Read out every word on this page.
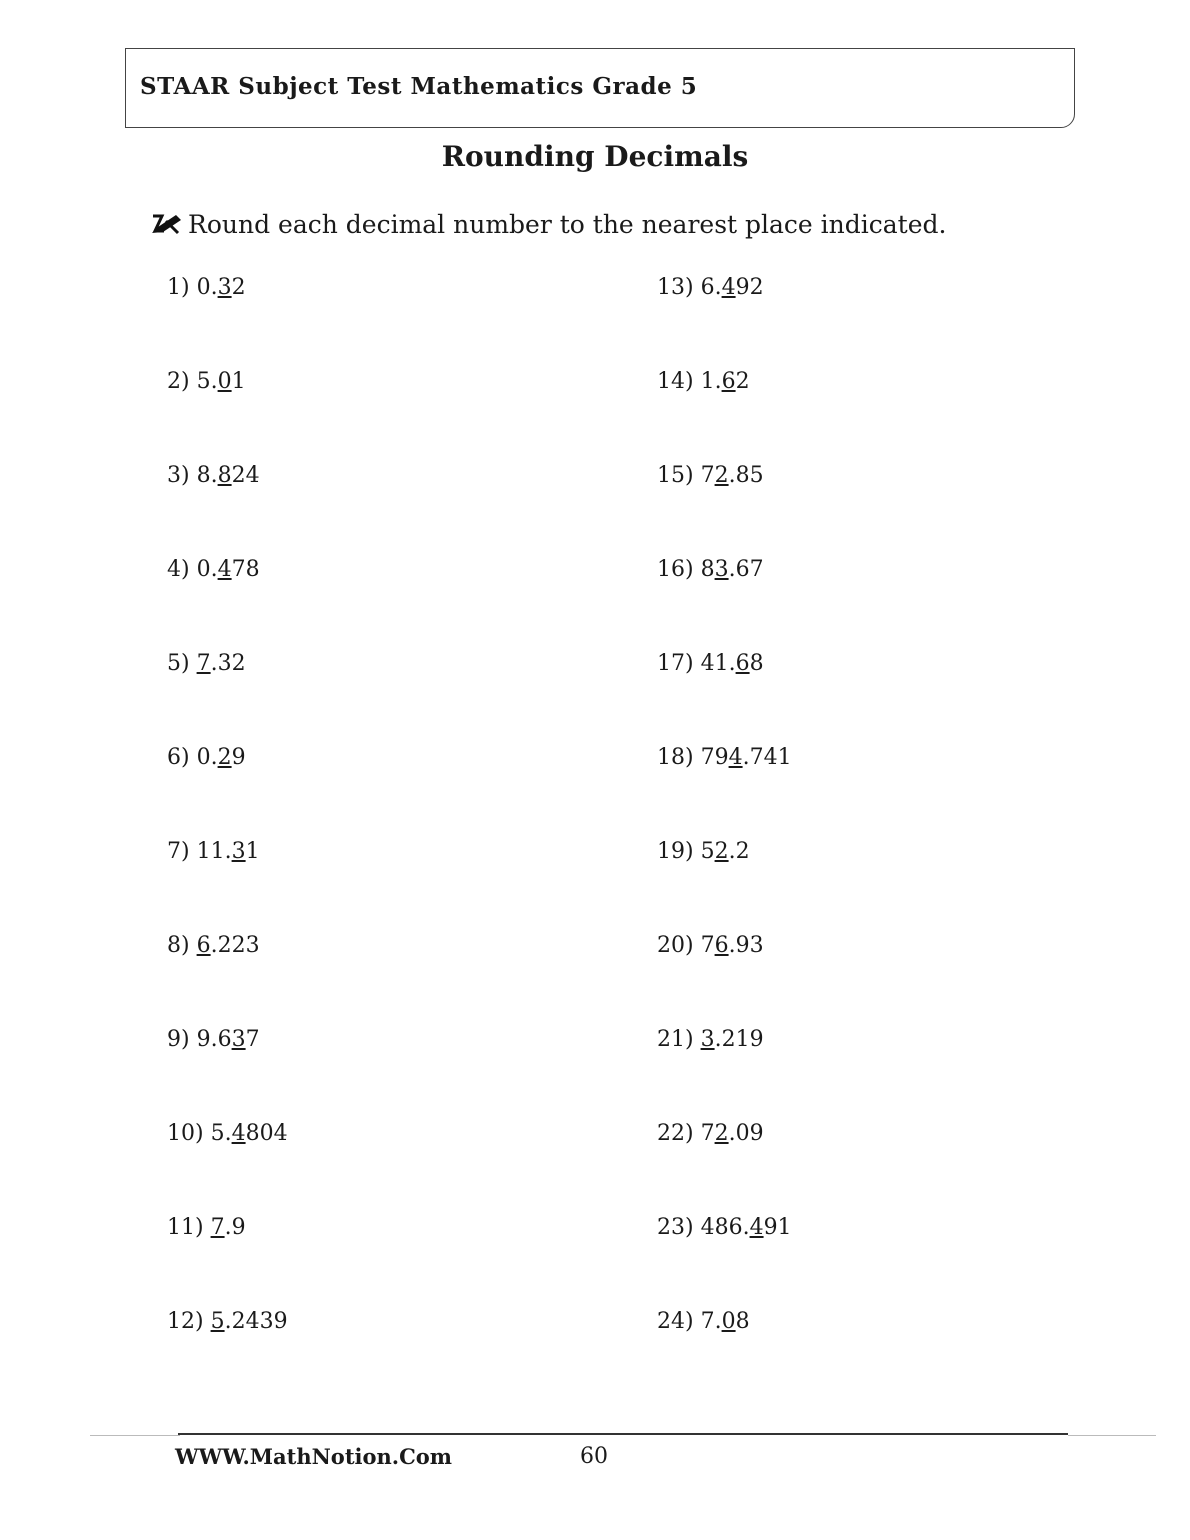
STAAR Subject Test Mathematics Grade 5
Rounding Decimals
Round each decimal number to the nearest place indicated.
1) 0.32
2) 5.01
3) 8.824
4) 0.478
5) 7.32
6) 0.29
7) 11.31
8) 6.223
9) 9.637
10) 5.4804
11) 7.9
12) 5.2439
13) 6.492
14) 1.62
15) 72.85
16) 83.67
17) 41.68
18) 794.741
19) 52.2
20) 76.93
21) 3.219
22) 72.09
23) 486.491
24) 7.08
WWW.MathNotion.Com	60
